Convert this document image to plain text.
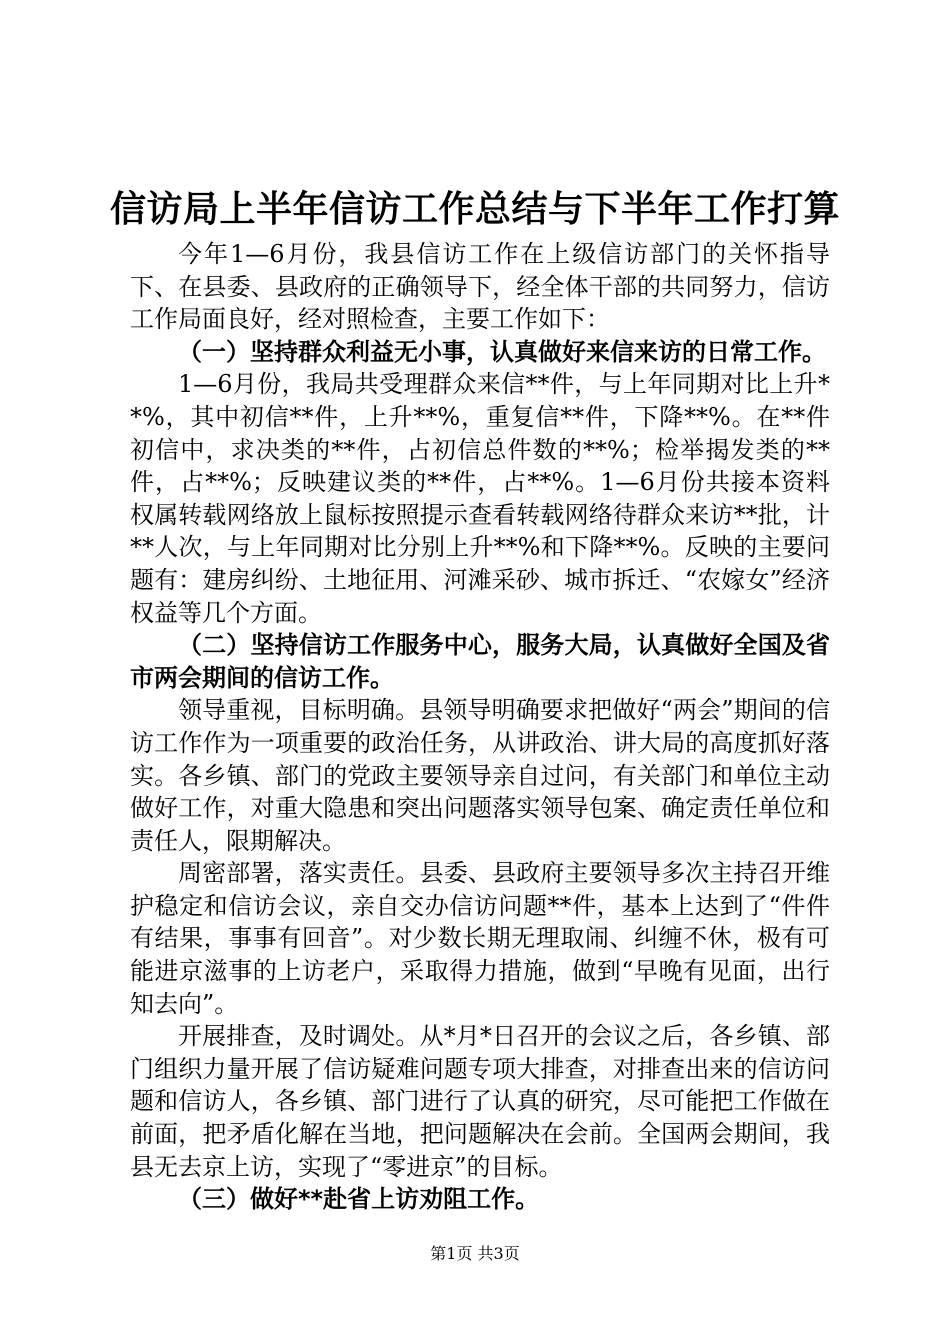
信访局上半年信访工作总结与下半年工作打算

今年1—6月份，我县信访工作在上级信访部门的关怀指导下、在县委、县政府的正确领导下，经全体干部的共同努力，信访工作局面良好，经对照检查，主要工作如下：

（一）坚持群众利益无小事，认真做好来信来访的日常工作。

1—6月份，我局共受理群众来信**件，与上年同期对比上升**%，其中初信**件，上升**%，重复信**件，下降**%。在**件初信中，求决类的**件，占初信总件数的**%；检举揭发类的**件，占**%；反映建议类的**件，占**%。1—6月份共接本资料权属转载网络放上鼠标按照提示查看转载网络待群众来访**批，计**人次，与上年同期对比分别上升**%和下降**%。反映的主要问题有：建房纠纷、土地征用、河滩采砂、城市拆迁、“农嫁女”经济权益等几个方面。

（二）坚持信访工作服务中心，服务大局，认真做好全国及省市两会期间的信访工作。

领导重视，目标明确。县领导明确要求把做好“两会”期间的信访工作作为一项重要的政治任务，从讲政治、讲大局的高度抓好落实。各乡镇、部门的党政主要领导亲自过问，有关部门和单位主动做好工作，对重大隐患和突出问题落实领导包案、确定责任单位和责任人，限期解决。

周密部署，落实责任。县委、县政府主要领导多次主持召开维护稳定和信访会议，亲自交办信访问题**件，基本上达到了“件件有结果，事事有回音”。对少数长期无理取闹、纠缠不休，极有可能进京滋事的上访老户，采取得力措施，做到“早晚有见面，出行知去向”。

开展排查，及时调处。从*月*日召开的会议之后，各乡镇、部门组织力量开展了信访疑难问题专项大排查，对排查出来的信访问题和信访人，各乡镇、部门进行了认真的研究，尽可能把工作做在前面，把矛盾化解在当地，把问题解决在会前。全国两会期间，我县无去京上访，实现了“零进京”的目标。

（三）做好**赴省上访劝阻工作。

第1页 共3页
